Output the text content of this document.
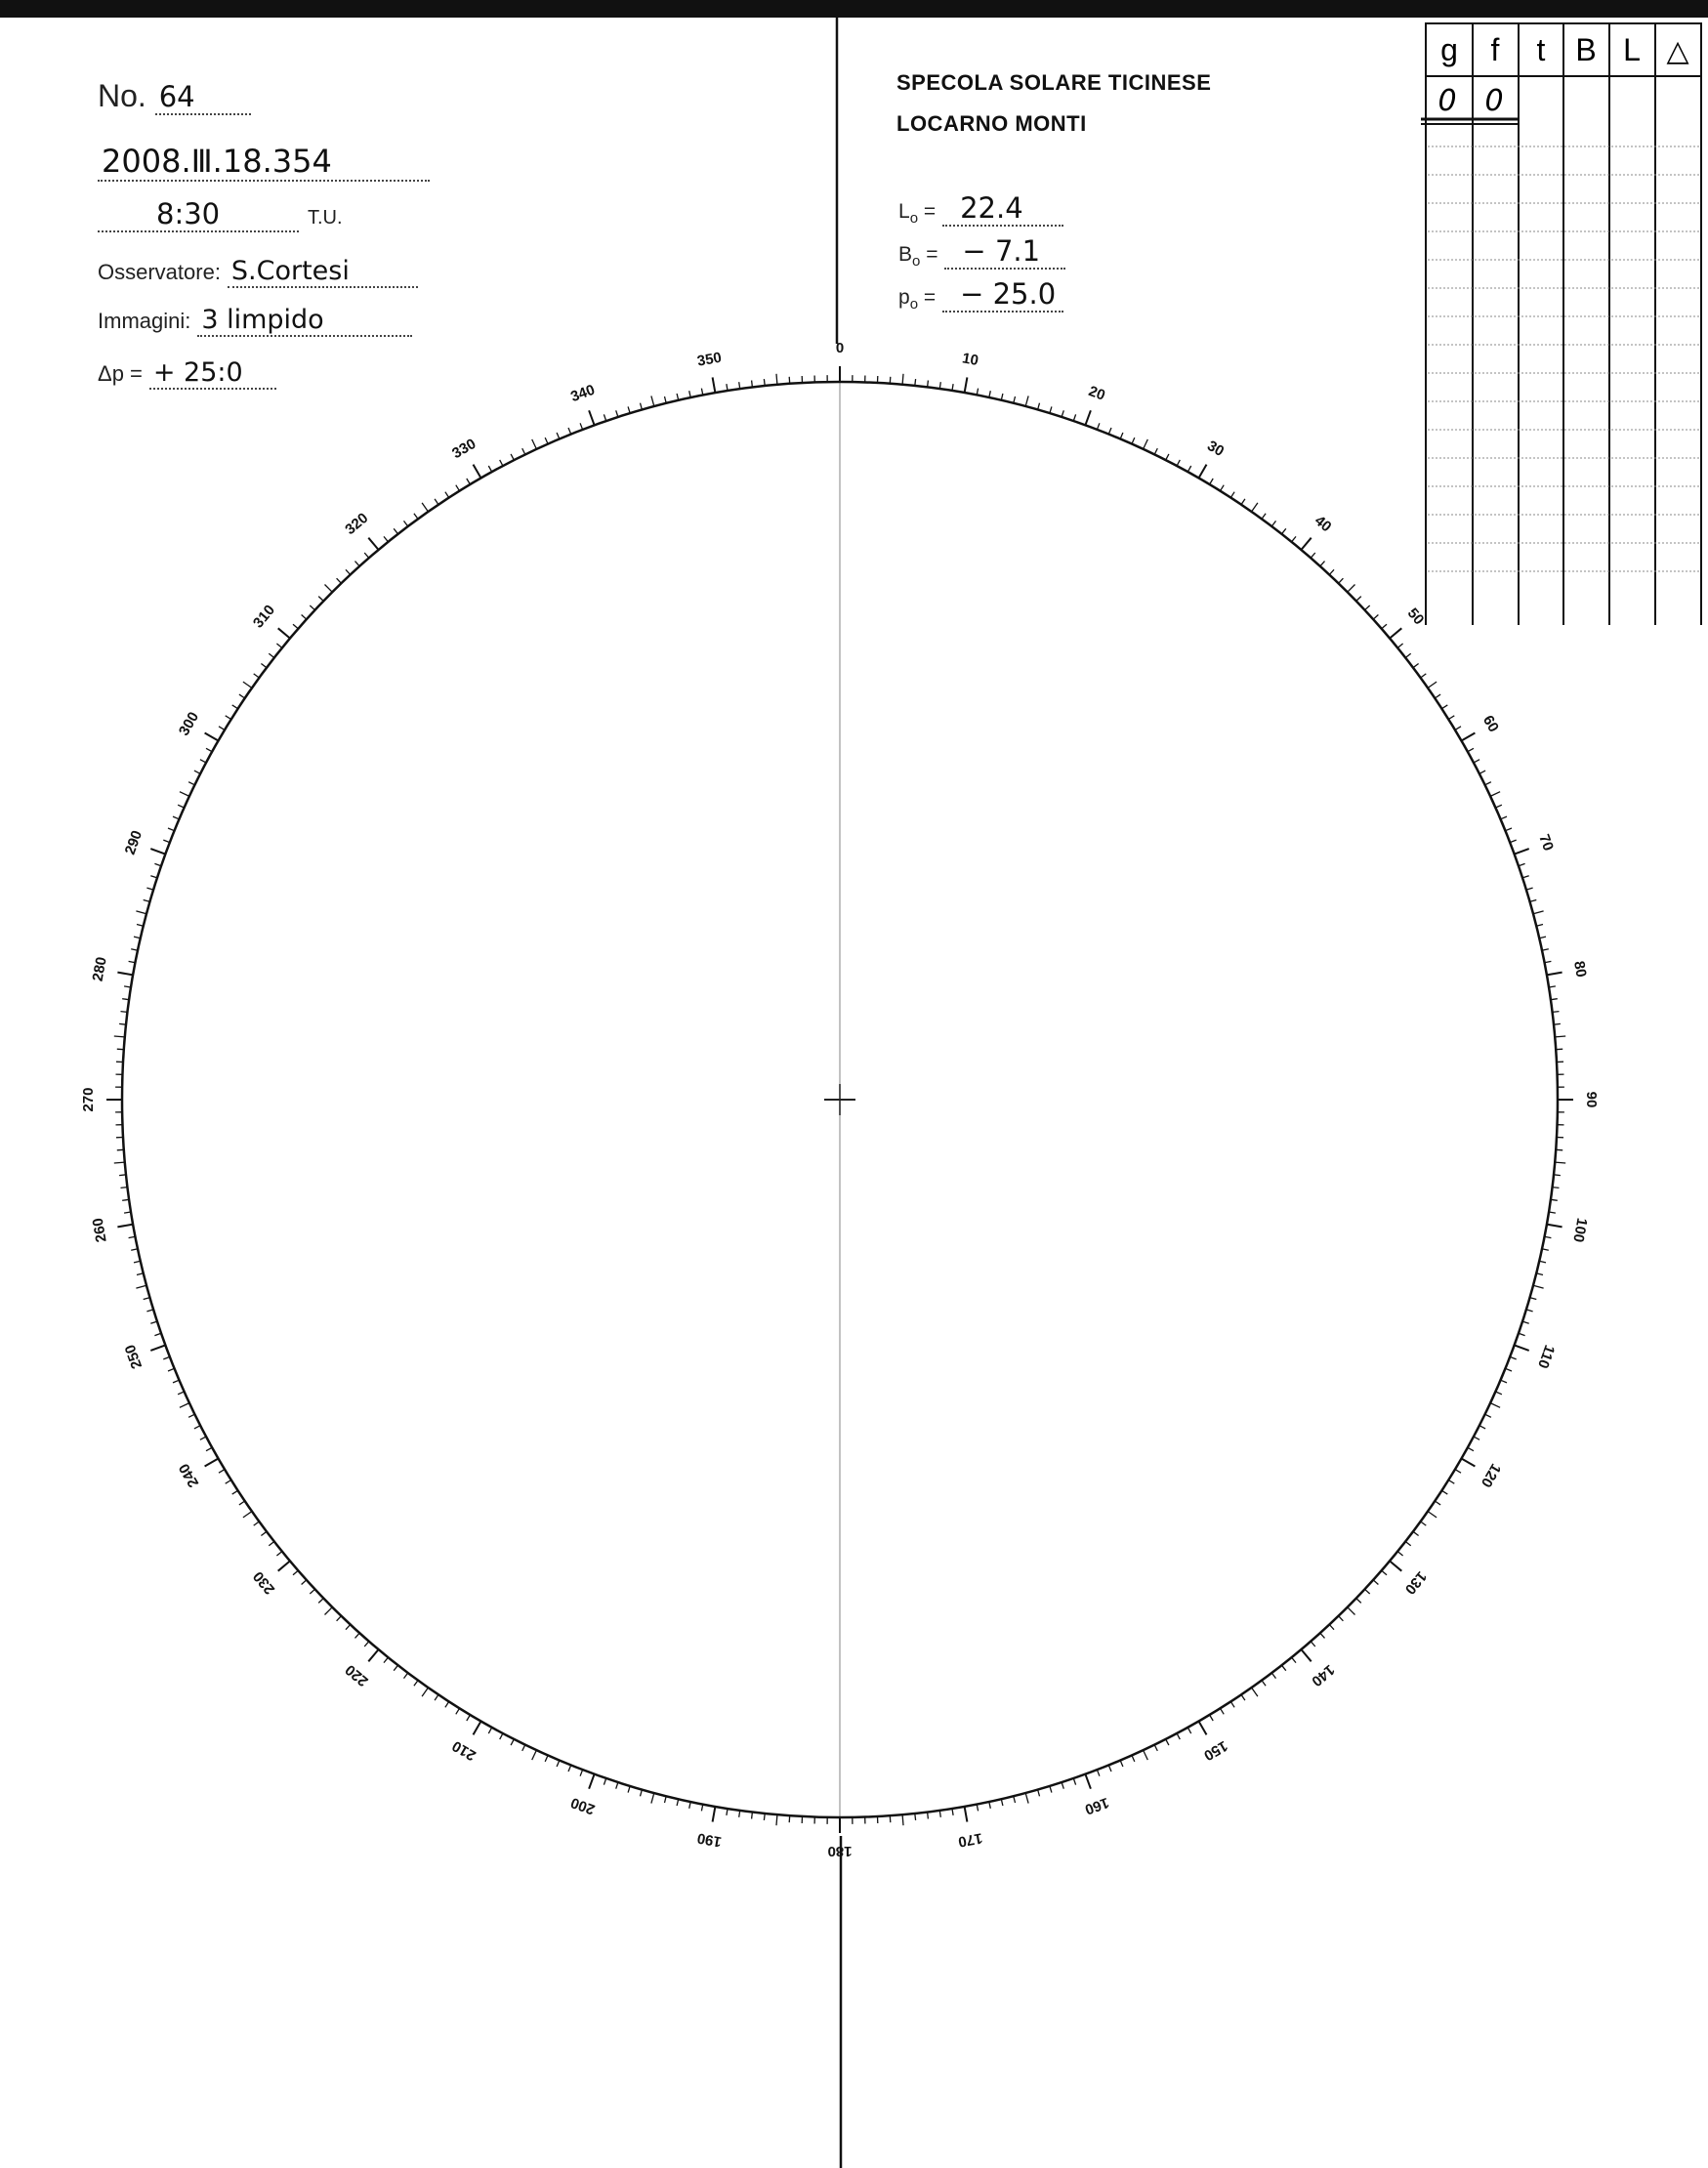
No. 64
2008.Ⅲ.18.354
8:30	T.U.
Osservatore: S.Cortesi
Immagini: 3 limpido
Δp = + 25:0
SPECOLA SOLARE TICINESE
LOCARNO MONTI
$L_o = 22.4$
$B_o$ = − 7.1
$p_o$ = − 25.0
0
10
20
30
40
50
60
70
80
90
100
110
120
130
140
150
160
170
180
190
200
210
220
230
240
250
260
270
280
290
300
310
320
330
340
350
g f t B L △
0 0
